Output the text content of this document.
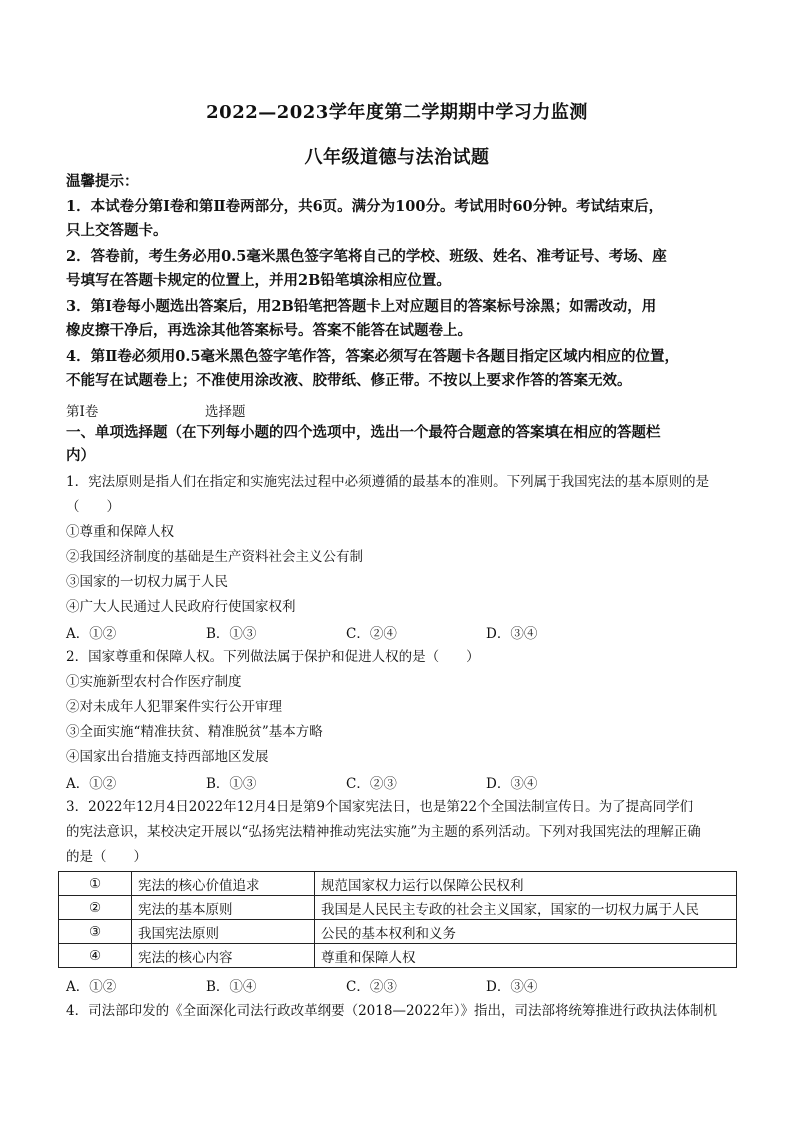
2022—2023学年度第二学期期中学习力监测
八年级道德与法治试题
温馨提示：
1．本试卷分第Ⅰ卷和第Ⅱ卷两部分，共6页。满分为100分。考试用时60分钟。考试结束后，
只上交答题卡。
2．答卷前，考生务必用0.5毫米黑色签字笔将自己的学校、班级、姓名、准考证号、考场、座
号填写在答题卡规定的位置上，并用2B铅笔填涂相应位置。
3．第Ⅰ卷每小题选出答案后，用2B铅笔把答题卡上对应题目的答案标号涂黑；如需改动，用
橡皮擦干净后，再选涂其他答案标号。答案不能答在试题卷上。
4．第Ⅱ卷必须用0.5毫米黑色签字笔作答，答案必须写在答题卡各题目指定区域内相应的位置，
不能写在试题卷上；不准使用涂改液、胶带纸、修正带。不按以上要求作答的答案无效。
第I卷	选择题
一、单项选择题（在下列每小题的四个选项中，选出一个最符合题意的答案填在相应的答题栏
内）
1．宪法原则是指人们在指定和实施宪法过程中必须遵循的最基本的准则。下列属于我国宪法的基本原则的是
（　　）
①尊重和保障人权
②我国经济制度的基础是生产资料社会主义公有制
③国家的一切权力属于人民
④广大人民通过人民政府行使国家权利
A．①②	B．①③	C．②④	D．③④
2．国家尊重和保障人权。下列做法属于保护和促进人权的是（　　）
①实施新型农村合作医疗制度
②对未成年人犯罪案件实行公开审理
③全面实施“精准扶贫、精准脱贫”基本方略
④国家出台措施支持西部地区发展
A．①②	B．①③	C．②③	D．③④
3．2022年12月4日2022年12月4日是第9个国家宪法日，也是第22个全国法制宣传日。为了提高同学们
的宪法意识，某校决定开展以“弘扬宪法精神推动宪法实施”为主题的系列活动。下列对我国宪法的理解正确
的是（　　）
①	宪法的核心价值追求	规范国家权力运行以保障公民权利
②	宪法的基本原则	我国是人民民主专政的社会主义国家，国家的一切权力属于人民
③	我国宪法原则	公民的基本权利和义务
④	宪法的核心内容	尊重和保障人权
A．①②	B．①④	C．②③	D．③④
4．司法部印发的《全面深化司法行政改革纲要（2018—2022年）》指出，司法部将统筹推进行政执法体制机
